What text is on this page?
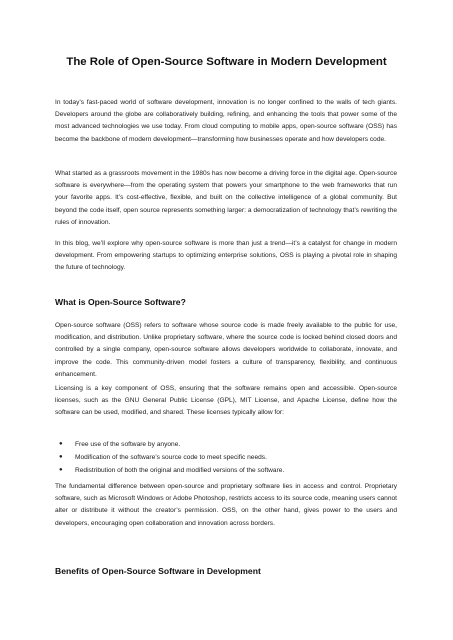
The Role of Open-Source Software in Modern Development

In today’s fast-paced world of software development, innovation is no longer confined to the walls of tech giants. Developers around the globe are collaboratively building, refining, and enhancing the tools that power some of the most advanced technologies we use today. From cloud computing to mobile apps, open-source software (OSS) has become the backbone of modern development—transforming how businesses operate and how developers code.

What started as a grassroots movement in the 1980s has now become a driving force in the digital age. Open-source software is everywhere—from the operating system that powers your smartphone to the web frameworks that run your favorite apps. It’s cost-effective, flexible, and built on the collective intelligence of a global community. But beyond the code itself, open source represents something larger: a democratization of technology that’s rewriting the rules of innovation.

In this blog, we’ll explore why open-source software is more than just a trend—it’s a catalyst for change in modern development. From empowering startups to optimizing enterprise solutions, OSS is playing a pivotal role in shaping the future of technology.

What is Open-Source Software?

Open-source software (OSS) refers to software whose source code is made freely available to the public for use, modification, and distribution. Unlike proprietary software, where the source code is locked behind closed doors and controlled by a single company, open-source software allows developers worldwide to collaborate, innovate, and improve the code. This community-driven model fosters a culture of transparency, flexibility, and continuous enhancement.

Licensing is a key component of OSS, ensuring that the software remains open and accessible. Open-source licenses, such as the GNU General Public License (GPL), MIT License, and Apache License, define how the software can be used, modified, and shared. These licenses typically allow for:

● Free use of the software by anyone.
● Modification of the software’s source code to meet specific needs.
● Redistribution of both the original and modified versions of the software.

The fundamental difference between open-source and proprietary software lies in access and control. Proprietary software, such as Microsoft Windows or Adobe Photoshop, restricts access to its source code, meaning users cannot alter or distribute it without the creator’s permission. OSS, on the other hand, gives power to the users and developers, encouraging open collaboration and innovation across borders.

Benefits of Open-Source Software in Development
